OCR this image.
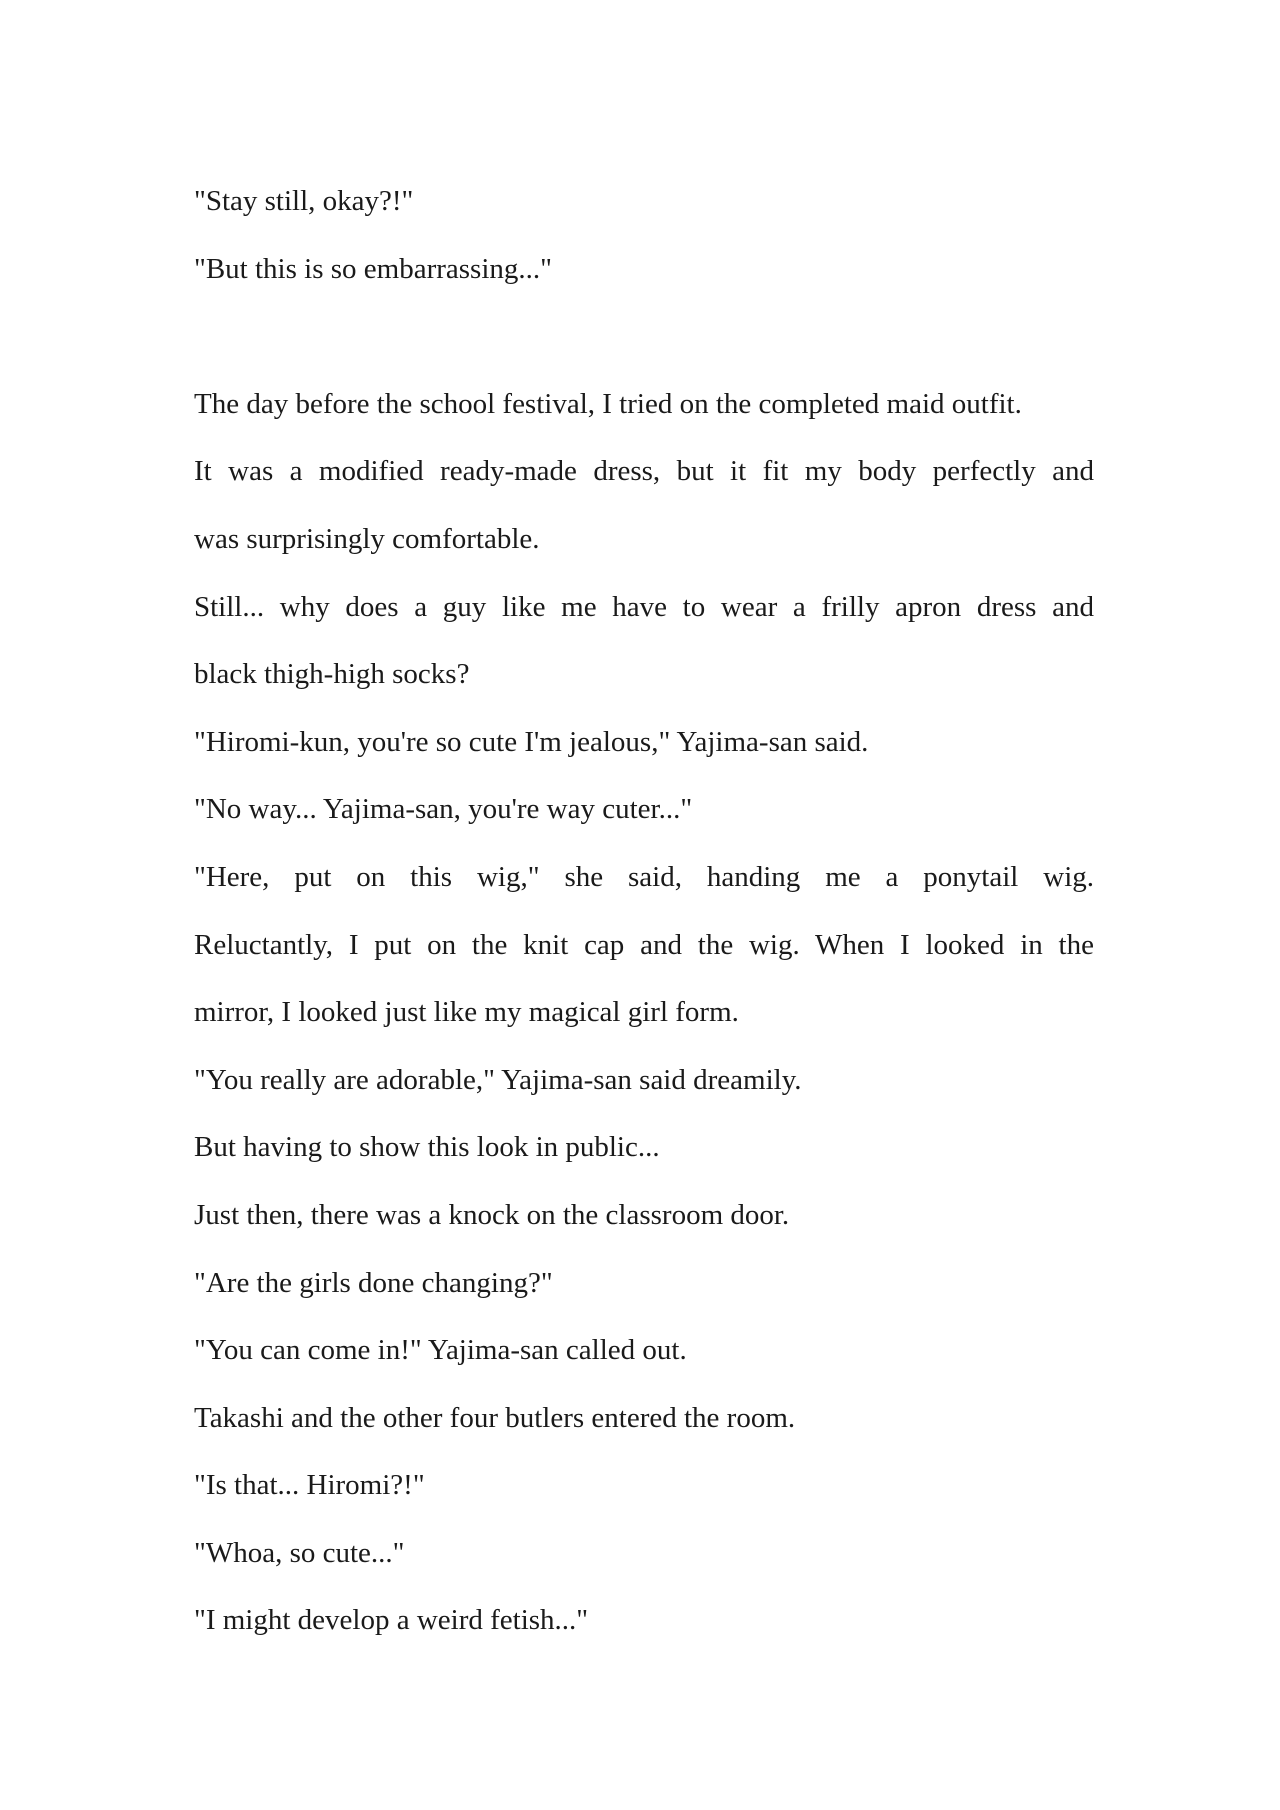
"Stay still, okay?!"
"But this is so embarrassing..."
The day before the school festival, I tried on the completed maid outfit.
It was a modified ready-made dress, but it fit my body perfectly and
was surprisingly comfortable.
Still... why does a guy like me have to wear a frilly apron dress and
black thigh-high socks?
"Hiromi-kun, you're so cute I'm jealous," Yajima-san said.
"No way... Yajima-san, you're way cuter..."
"Here, put on this wig," she said, handing me a ponytail wig.
Reluctantly, I put on the knit cap and the wig. When I looked in the
mirror, I looked just like my magical girl form.
"You really are adorable," Yajima-san said dreamily.
But having to show this look in public...
Just then, there was a knock on the classroom door.
"Are the girls done changing?"
"You can come in!" Yajima-san called out.
Takashi and the other four butlers entered the room.
"Is that... Hiromi?!"
"Whoa, so cute..."
"I might develop a weird fetish..."
